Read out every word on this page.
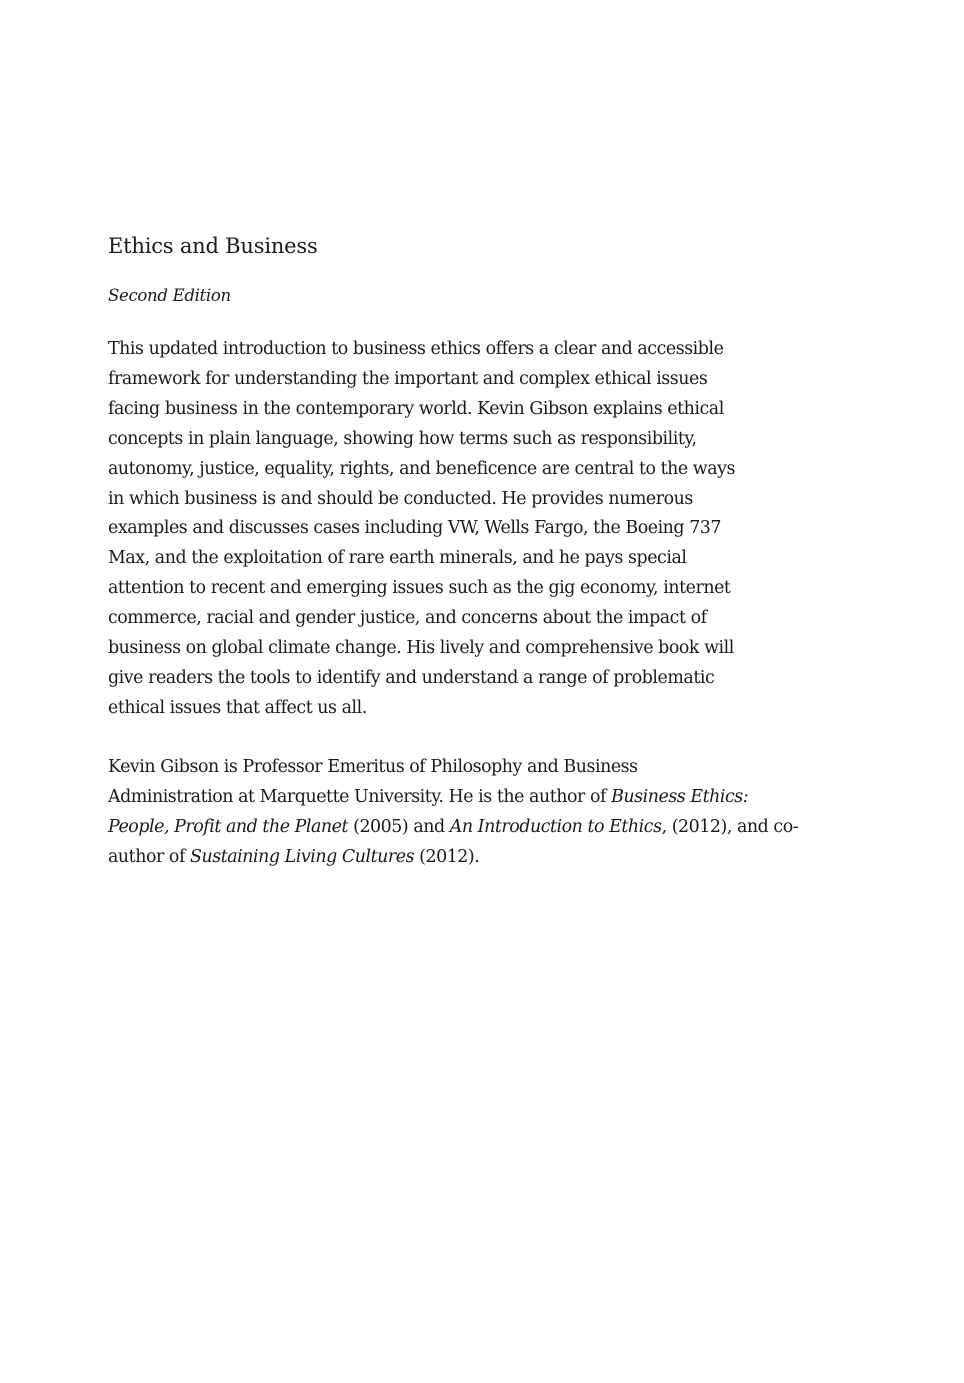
Ethics and Business

Second Edition

This updated introduction to business ethics offers a clear and accessible
framework for understanding the important and complex ethical issues
facing business in the contemporary world. Kevin Gibson explains ethical
concepts in plain language, showing how terms such as responsibility,
autonomy, justice, equality, rights, and beneficence are central to the ways
in which business is and should be conducted. He provides numerous
examples and discusses cases including VW, Wells Fargo, the Boeing 737
Max, and the exploitation of rare earth minerals, and he pays special
attention to recent and emerging issues such as the gig economy, internet
commerce, racial and gender justice, and concerns about the impact of
business on global climate change. His lively and comprehensive book will
give readers the tools to identify and understand a range of problematic
ethical issues that affect us all.

Kevin Gibson is Professor Emeritus of Philosophy and Business
Administration at Marquette University. He is the author of Business Ethics:
People, Profit and the Planet (2005) and An Introduction to Ethics, (2012), and co-
author of Sustaining Living Cultures (2012).
